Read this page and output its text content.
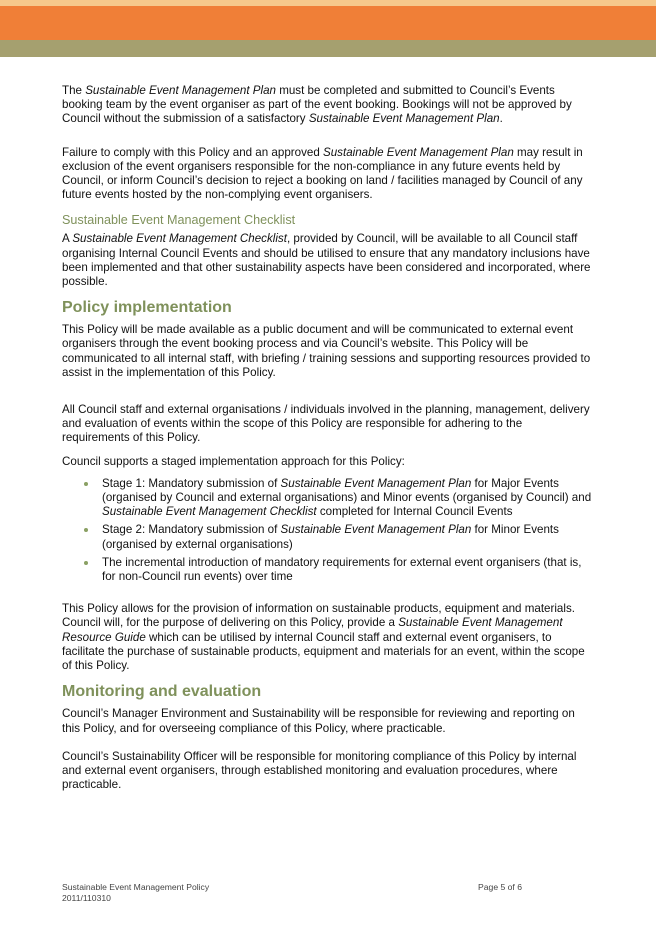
The Sustainable Event Management Plan must be completed and submitted to Council’s Events booking team by the event organiser as part of the event booking. Bookings will not be approved by Council without the submission of a satisfactory Sustainable Event Management Plan.

Failure to comply with this Policy and an approved Sustainable Event Management Plan may result in exclusion of the event organisers responsible for the non-compliance in any future events held by Council, or inform Council’s decision to reject a booking on land / facilities managed by Council of any future events hosted by the non-complying event organisers.

Sustainable Event Management Checklist

A Sustainable Event Management Checklist, provided by Council, will be available to all Council staff organising Internal Council Events and should be utilised to ensure that any mandatory inclusions have been implemented and that other sustainability aspects have been considered and incorporated, where possible.

Policy implementation

This Policy will be made available as a public document and will be communicated to external event organisers through the event booking process and via Council’s website. This Policy will be communicated to all internal staff, with briefing / training sessions and supporting resources provided to assist in the implementation of this Policy.

All Council staff and external organisations / individuals involved in the planning, management, delivery and evaluation of events within the scope of this Policy are responsible for adhering to the requirements of this Policy.

Council supports a staged implementation approach for this Policy:

Stage 1: Mandatory submission of Sustainable Event Management Plan for Major Events (organised by Council and external organisations) and Minor events (organised by Council) and Sustainable Event Management Checklist completed for Internal Council Events
Stage 2: Mandatory submission of Sustainable Event Management Plan for Minor Events (organised by external organisations)
The incremental introduction of mandatory requirements for external event organisers (that is, for non-Council run events) over time

This Policy allows for the provision of information on sustainable products, equipment and materials. Council will, for the purpose of delivering on this Policy, provide a Sustainable Event Management Resource Guide which can be utilised by internal Council staff and external event organisers, to facilitate the purchase of sustainable products, equipment and materials for an event, within the scope of this Policy.

Monitoring and evaluation

Council’s Manager Environment and Sustainability will be responsible for reviewing and reporting on this Policy, and for overseeing compliance of this Policy, where practicable.

Council’s Sustainability Officer will be responsible for monitoring compliance of this Policy by internal and external event organisers, through established monitoring and evaluation procedures, where practicable.

Sustainable Event Management Policy	Page 5 of 6
2011/110310
